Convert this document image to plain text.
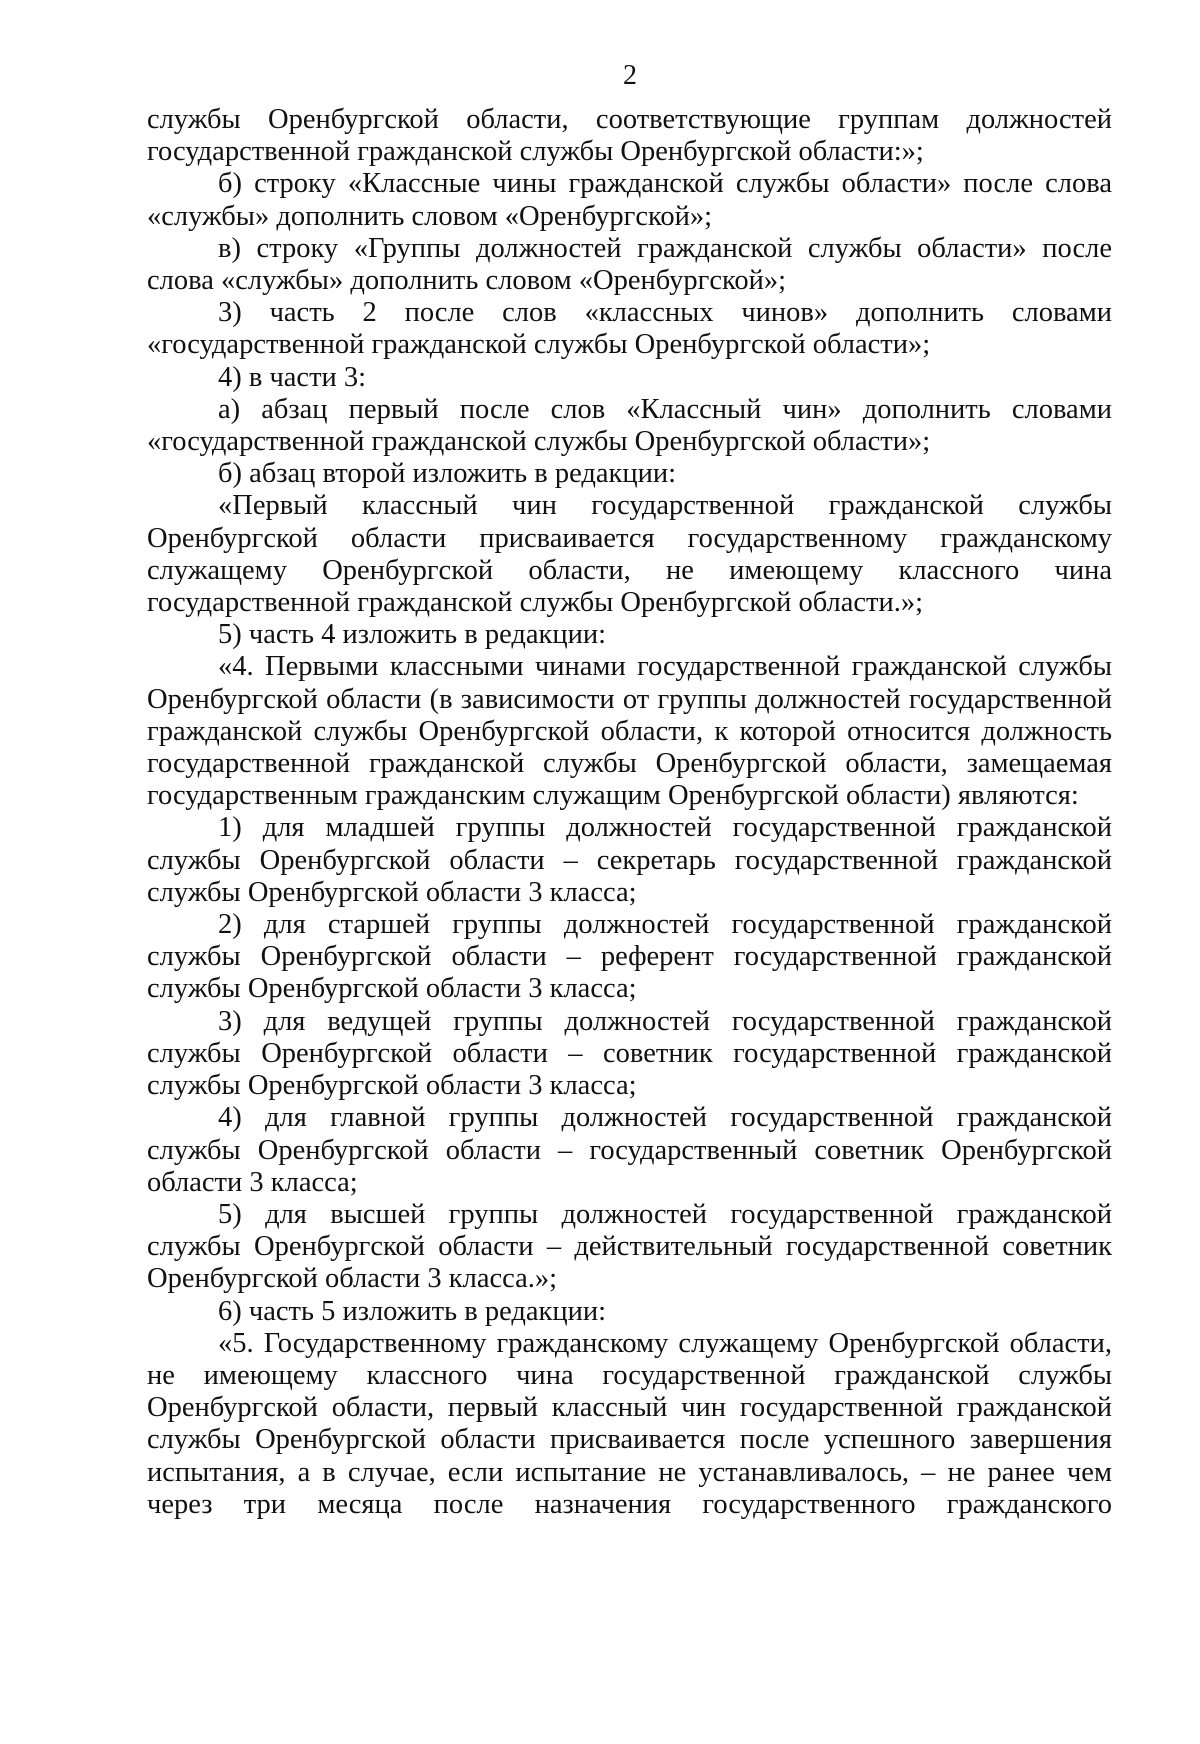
2

службы Оренбургской области, соответствующие группам должностей государственной гражданской службы Оренбургской области:»;

б) строку «Классные чины гражданской службы области» после слова «службы» дополнить словом «Оренбургской»;

в) строку «Группы должностей гражданской службы области» после слова «службы» дополнить словом «Оренбургской»;

3) часть 2 после слов «классных чинов» дополнить словами «государственной гражданской службы Оренбургской области»;

4) в части 3:

а) абзац первый после слов «Классный чин» дополнить словами «государственной гражданской службы Оренбургской области»;

б) абзац второй изложить в редакции:

«Первый классный чин государственной гражданской службы Оренбургской области присваивается государственному гражданскому служащему Оренбургской области, не имеющему классного чина государственной гражданской службы Оренбургской области.»;

5) часть 4 изложить в редакции:

«4. Первыми классными чинами государственной гражданской службы Оренбургской области (в зависимости от группы должностей государственной гражданской службы Оренбургской области, к которой относится должность государственной гражданской службы Оренбургской области, замещаемая государственным гражданским служащим Оренбургской области) являются:

1) для младшей группы должностей государственной гражданской службы Оренбургской области – секретарь государственной гражданской службы Оренбургской области 3 класса;

2) для старшей группы должностей государственной гражданской службы Оренбургской области – референт государственной гражданской службы Оренбургской области 3 класса;

3) для ведущей группы должностей государственной гражданской службы Оренбургской области – советник государственной гражданской службы Оренбургской области 3 класса;

4) для главной группы должностей государственной гражданской службы Оренбургской области – государственный советник Оренбургской области 3 класса;

5) для высшей группы должностей государственной гражданской службы Оренбургской области – действительный государственной советник Оренбургской области 3 класса.»;

6) часть 5 изложить в редакции:

«5. Государственному гражданскому служащему Оренбургской области, не имеющему классного чина государственной гражданской службы Оренбургской области, первый классный чин государственной гражданской службы Оренбургской области присваивается после успешного завершения испытания, а в случае, если испытание не устанавливалось, – не ранее чем через три месяца после назначения государственного гражданского
